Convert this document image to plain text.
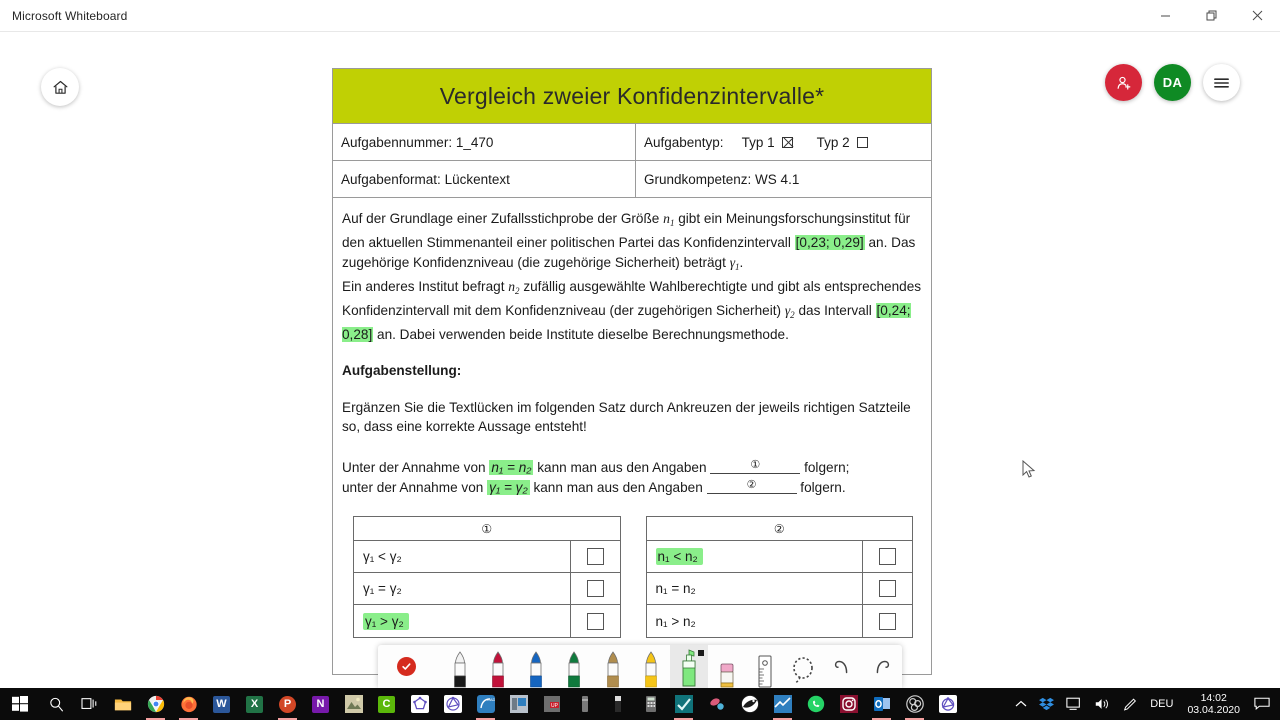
Microsoft Whiteboard
DA
Vergleich zweier Konfidenzintervalle*
Aufgabennummer: 1_470	Aufgabentyp: Typ 1	Typ 2
Aufgabenformat: Lückentext	Grundkompetenz: WS 4.1
Auf der Grundlage einer Zufallsstichprobe der Größe $n_1$ gibt ein Meinungsforschungsinstitut für den aktuellen Stimmenanteil einer politischen Partei das Konfidenzintervall [0,23; 0,29] an. Das zugehörige Konfidenzniveau (die zugehörige Sicherheit) beträgt $\gamma_1$.
Ein anderes Institut befragt $n_2$ zufällig ausgewählte Wahlberechtigte und gibt als entsprechendes Konfidenzintervall mit dem Konfidenzniveau (der zugehörigen Sicherheit) $\gamma_2$ das Intervall [0,24; 0,28] an. Dabei verwenden beide Institute dieselbe Berechnungsmethode.
Aufgabenstellung:
Ergänzen Sie die Textlücken im folgenden Satz durch Ankreuzen der jeweils richtigen Satzteile so, dass eine korrekte Aussage entsteht!
Unter der Annahme von n₁ = n₂ kann man aus den Angaben	①	folgern;
unter der Annahme von γ₁ = γ₂ kann man aus den Angaben	②	folgern.
①
γ₁ < γ₂
γ₁ = γ₂
γ₁ > γ₂
②
n₁ < n₂
n₁ = n₂
n₁ > n₂
W	X	P	N	C	CAD
UP	DEU
14:02
03.04.2020
